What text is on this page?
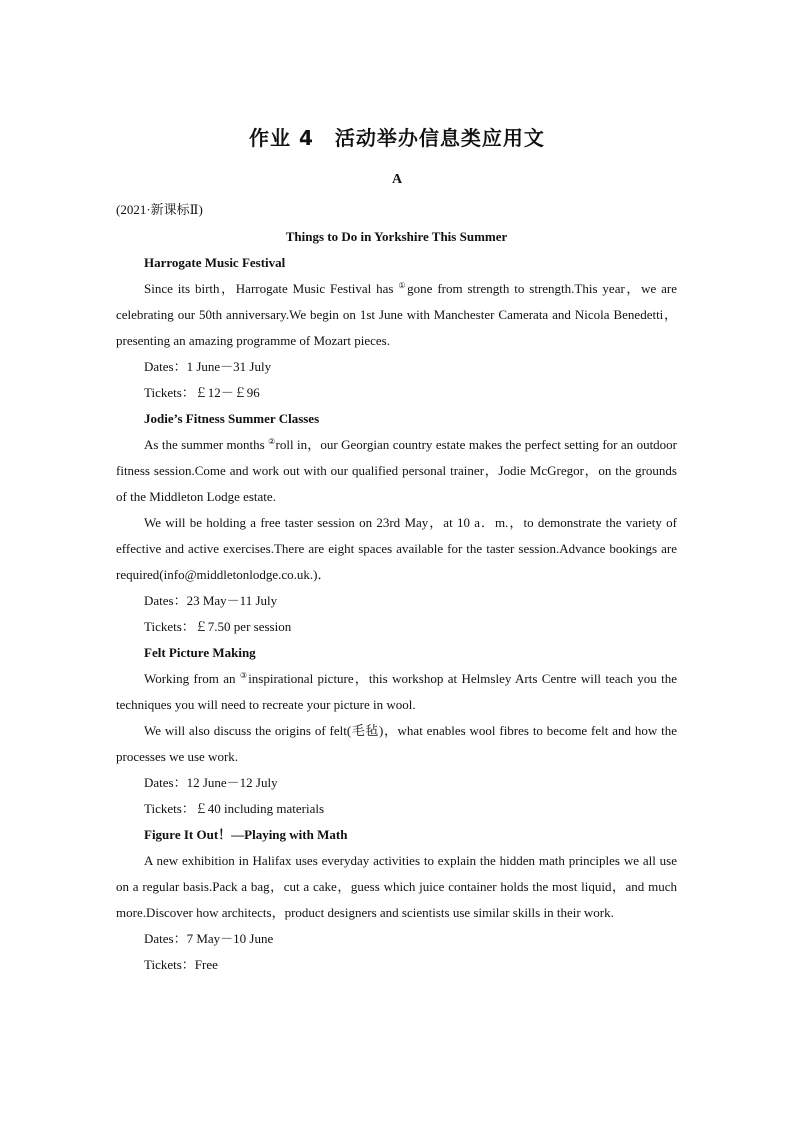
作业 4　活动举办信息类应用文
A
(2021·新课标Ⅱ)
Things to Do in Yorkshire This Summer
Harrogate Music Festival

Since its birth，Harrogate Music Festival has ①gone from strength to strength.This year，we are celebrating our 50th anniversary.We begin on 1st June with Manchester Camerata and Nicola Benedetti，presenting an amazing programme of Mozart pieces.

Dates：1 June－31 July

Tickets：￡12－￡96

Jodie’s Fitness Summer Classes

As the summer months ②roll in，our Georgian country estate makes the perfect setting for an outdoor fitness session.Come and work out with our qualified personal trainer，Jodie McGregor，on the grounds of the Middleton Lodge estate.

We will be holding a free taster session on 23rd May，at 10 a．m.，to demonstrate the variety of effective and active exercises.There are eight spaces available for the taster session.Advance bookings are required(info@middletonlodge.co.uk.)．

Dates：23 May－11 July

Tickets：￡7.50 per session

Felt Picture Making

Working from an ③inspirational picture，this workshop at Helmsley Arts Centre will teach you the techniques you will need to recreate your picture in wool.

We will also discuss the origins of felt(毛毡)，what enables wool fibres to become felt and how the processes we use work.

Dates：12 June－12 July

Tickets：￡40 including materials

Figure It Out！—Playing with Math

A new exhibition in Halifax uses everyday activities to explain the hidden math principles we all use on a regular basis.Pack a bag，cut a cake，guess which juice container holds the most liquid，and much more.Discover how architects，product designers and scientists use similar skills in their work.

Dates：7 May－10 June

Tickets：Free
